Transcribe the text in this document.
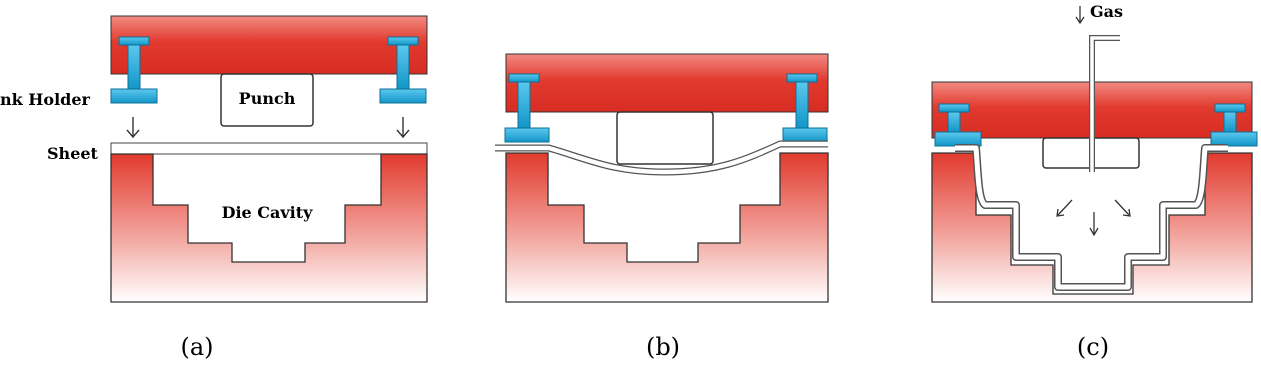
nk Holder	Punch
Sheet
Die Cavity
(a)	(b)
Gas
(c)
